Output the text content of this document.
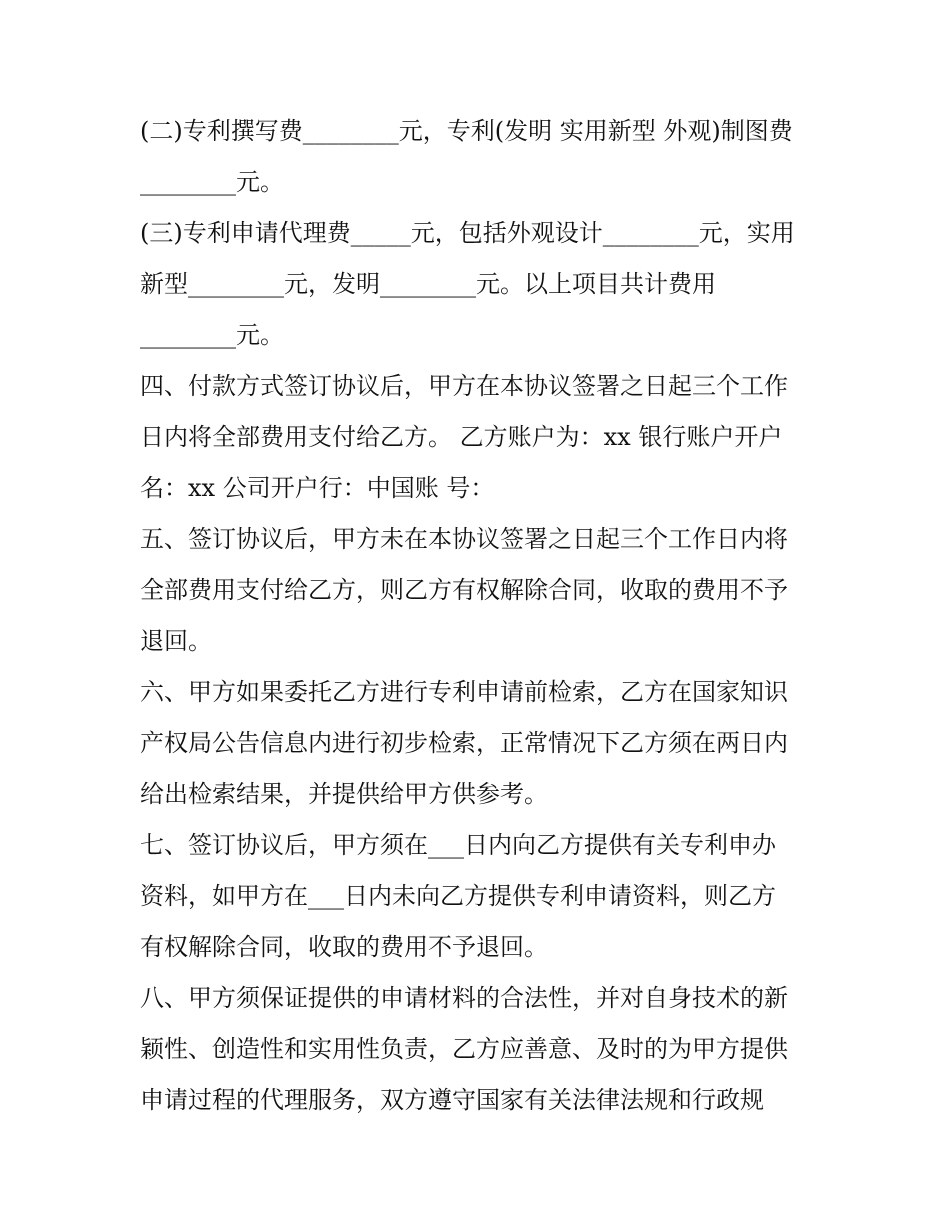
(二)专利撰写费________元，专利(发明 实用新型 外观)制图费
________元。
(三)专利申请代理费_____元，包括外观设计________元，实用
新型________元，发明________元。以上项目共计费用
________元。
四、付款方式签订协议后，甲方在本协议签署之日起三个工作
日内将全部费用支付给乙方。 乙方账户为：xx 银行账户开户
名：xx 公司开户行：中国账 号：
五、签订协议后，甲方未在本协议签署之日起三个工作日内将
全部费用支付给乙方，则乙方有权解除合同，收取的费用不予
退回。
六、甲方如果委托乙方进行专利申请前检索，乙方在国家知识
产权局公告信息内进行初步检索，正常情况下乙方须在两日内
给出检索结果，并提供给甲方供参考。
七、签订协议后，甲方须在___日内向乙方提供有关专利申办
资料，如甲方在___日内未向乙方提供专利申请资料，则乙方
有权解除合同，收取的费用不予退回。
八、甲方须保证提供的申请材料的合法性，并对自身技术的新
颖性、创造性和实用性负责，乙方应善意、及时的为甲方提供
申请过程的代理服务，双方遵守国家有关法律法规和行政规
